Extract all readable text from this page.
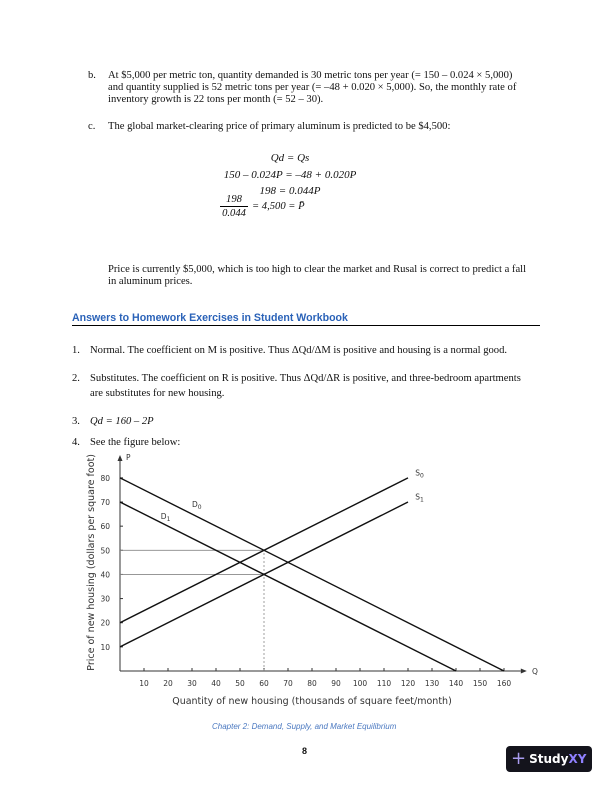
b. At $5,000 per metric ton, quantity demanded is 30 metric tons per year (= 150 – 0.024 × 5,000)
and quantity supplied is 52 metric tons per year (= –48 + 0.020 × 5,000). So, the monthly rate of
inventory growth is 22 tons per month (= 52 – 30).
c. The global market-clearing price of primary aluminum is predicted to be $4,500:
Qd = Qs
150 – 0.024P = –48 + 0.020P
198 = 0.044P
198
0.044
= 4,500 = P̄
Price is currently $5,000, which is too high to clear the market and Rusal is correct to predict a fall
in aluminum prices.
Answers to Homework Exercises in Student Workbook
1. Normal. The coefficient on M is positive. Thus ΔQd/ΔM is positive and housing is a normal good.
2. Substitutes. The coefficient on R is positive. Thus ΔQd/ΔR is positive, and three-bedroom apartments
are substitutes for new housing.
3. Qd = 160 – 2P
4. See the figure below:
P
Q
10 20 30 40 50 60 70 80 90 100 110 120 130 140 150 160
10
20
30
40
50
60
70
80
$D_0$
$D_1$
$S_0$
$S_1$
Quantity of new housing (thousands of square feet/month)
Price of new housing (dollars per square foot)
Chapter 2: Demand, Supply, and Market Equilibrium
8	+ StudyXY
